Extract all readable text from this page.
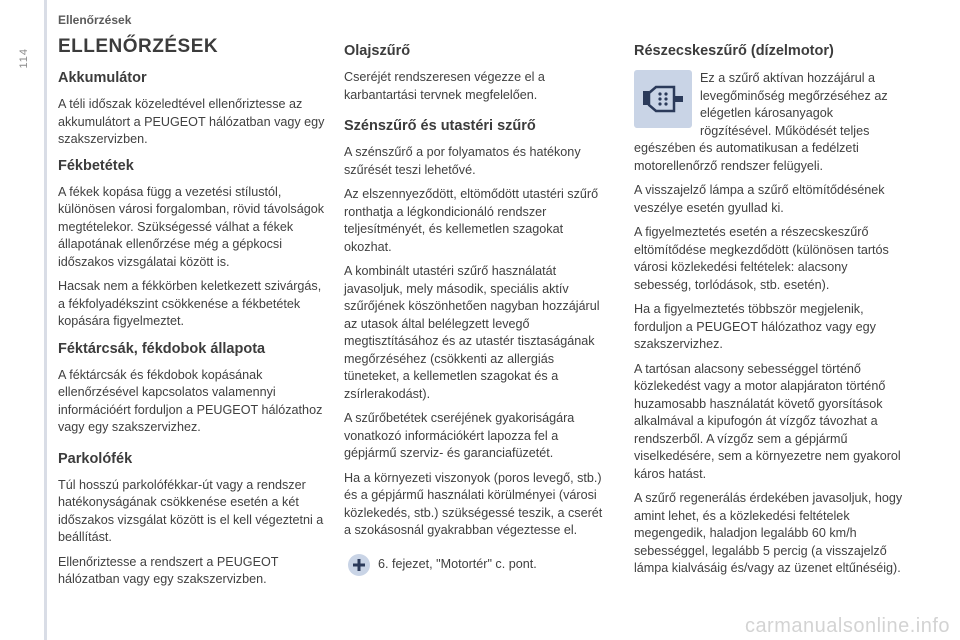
114
Ellenőrzések
ELLENŐRZÉSEK
Akkumulátor

A téli időszak közeledtével ellenőriztesse az akkumulátort a PEUGEOT hálózatban vagy egy szakszervizben.

Fékbetétek

A fékek kopása függ a vezetési stílustól, különösen városi forgalomban, rövid távolságok megtételekor. Szükségessé válhat a fékek állapotának ellenőrzése még a gépkocsi időszakos vizsgálatai között is.

Hacsak nem a fékkörben keletkezett szivárgás, a fékfolyadékszint csökkenése a fékbetétek kopására figyelmeztet.

Féktárcsák, fékdobok állapota

A féktárcsák és fékdobok kopásának ellenőrzésével kapcsolatos valamennyi információért forduljon a PEUGEOT hálózathoz vagy egy szakszervizhez.

Parkolófék

Túl hosszú parkolófékkar-út vagy a rendszer hatékonyságának csökkenése esetén a két időszakos vizsgálat között is el kell végeztetni a beállítást.

Ellenőriztesse a rendszert a PEUGEOT hálózatban vagy egy szakszervizben.

Olajszűrő

Cseréjét rendszeresen végezze el a karbantartási tervnek megfelelően.

Szénszűrő és utastéri szűrő

A szénszűrő a por folyamatos és hatékony szűrését teszi lehetővé.

Az elszennyeződött, eltömődött utastéri szűrő ronthatja a légkondicionáló rendszer teljesítményét, és kellemetlen szagokat okozhat.

A kombinált utastéri szűrő használatát javasoljuk, mely második, speciális aktív szűrőjének köszönhetően nagyban hozzájárul az utasok által belélegzett levegő megtisztításához és az utastér tisztaságának megőrzéséhez (csökkenti az allergiás tüneteket, a kellemetlen szagokat és a zsírlerakodást).

A szűrőbetétek cseréjének gyakoriságára vonatkozó információkért lapozza fel a gépjármű szerviz- és garanciafüzetét.

Ha a környezeti viszonyok (poros levegő, stb.) és a gépjármű használati körülményei (városi közlekedés, stb.) szükségessé teszik, a cserét a szokásosnál gyakrabban végeztesse el.

6. fejezet, "Motortér" c. pont.

Részecskeszűrő (dízelmotor)

Ez a szűrő aktívan hozzájárul a levegőminőség megőrzéséhez az elégetlen károsanyagok rögzítésével. Működését teljes egészében és automatikusan a fedélzeti motorellenőrző rendszer felügyeli.

A visszajelző lámpa a szűrő eltömítődésének veszélye esetén gyullad ki.

A figyelmeztetés esetén a részecskeszűrő eltömítődése megkezdődött (különösen tartós városi közlekedési feltételek: alacsony sebesség, torlódások, stb. esetén).

Ha a figyelmeztetés többször megjelenik, forduljon a PEUGEOT hálózathoz vagy egy szakszervizhez.

A tartósan alacsony sebességgel történő közlekedést vagy a motor alapjáraton történő huzamosabb használatát követő gyorsítások alkalmával a kipufogón át vízgőz távozhat a rendszerből. A vízgőz sem a gépjármű viselkedésére, sem a környezetre nem gyakorol káros hatást.

A szűrő regenerálás érdekében javasoljuk, hogy amint lehet, és a közlekedési feltételek megengedik, haladjon legalább 60 km/h sebességgel, legalább 5 percig (a visszajelző lámpa kialvásáig és/vagy az üzenet eltűnéséig).

carmanualsonline.info
